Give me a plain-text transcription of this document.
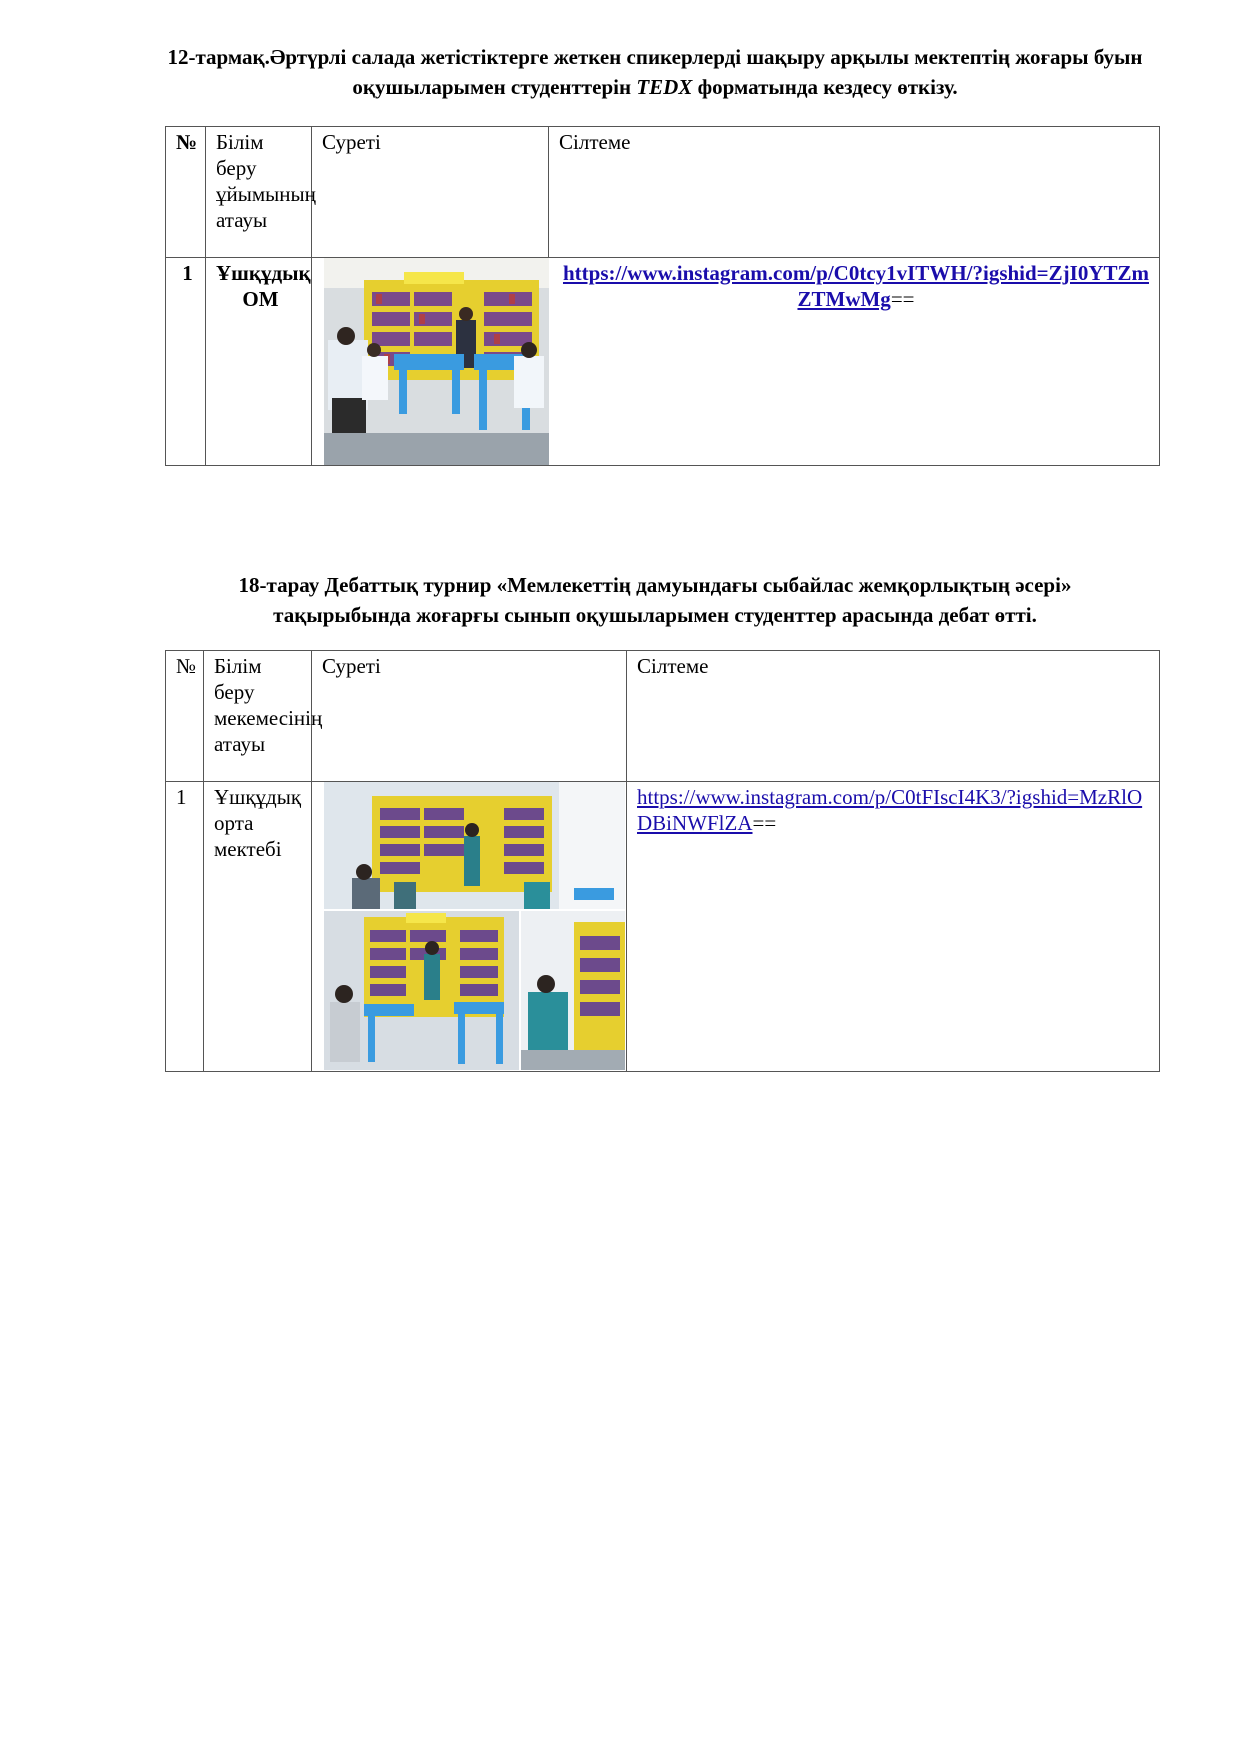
12-тармақ.Әртүрлі салада жетістіктерге жеткен спикерлерді шақыру арқылы мектептің жоғары буын оқушыларымен студенттерін TEDX форматында кездесу өткізу.

№	Білім беру ұйымының атауы	Суреті	Сілтеме
1	Ұшқұдық ОМ		https://www.instagram.com/p/C0tcy1vITWH/?igshid=ZjI0YTZmZTMwMg==

18-тарау Дебаттық турнир «Мемлекеттің дамуындағы сыбайлас жемқорлықтың әсері»
тақырыбында жоғарғы сынып оқушыларымен студенттер арасында дебат өтті.

№	Білім беру мекемесінің атауы	Суреті	Сілтеме
1	Ұшқұдық орта мектебі		https://www.instagram.com/p/C0tFIscI4K3/?igshid=MzRlODBiNWFlZA==
